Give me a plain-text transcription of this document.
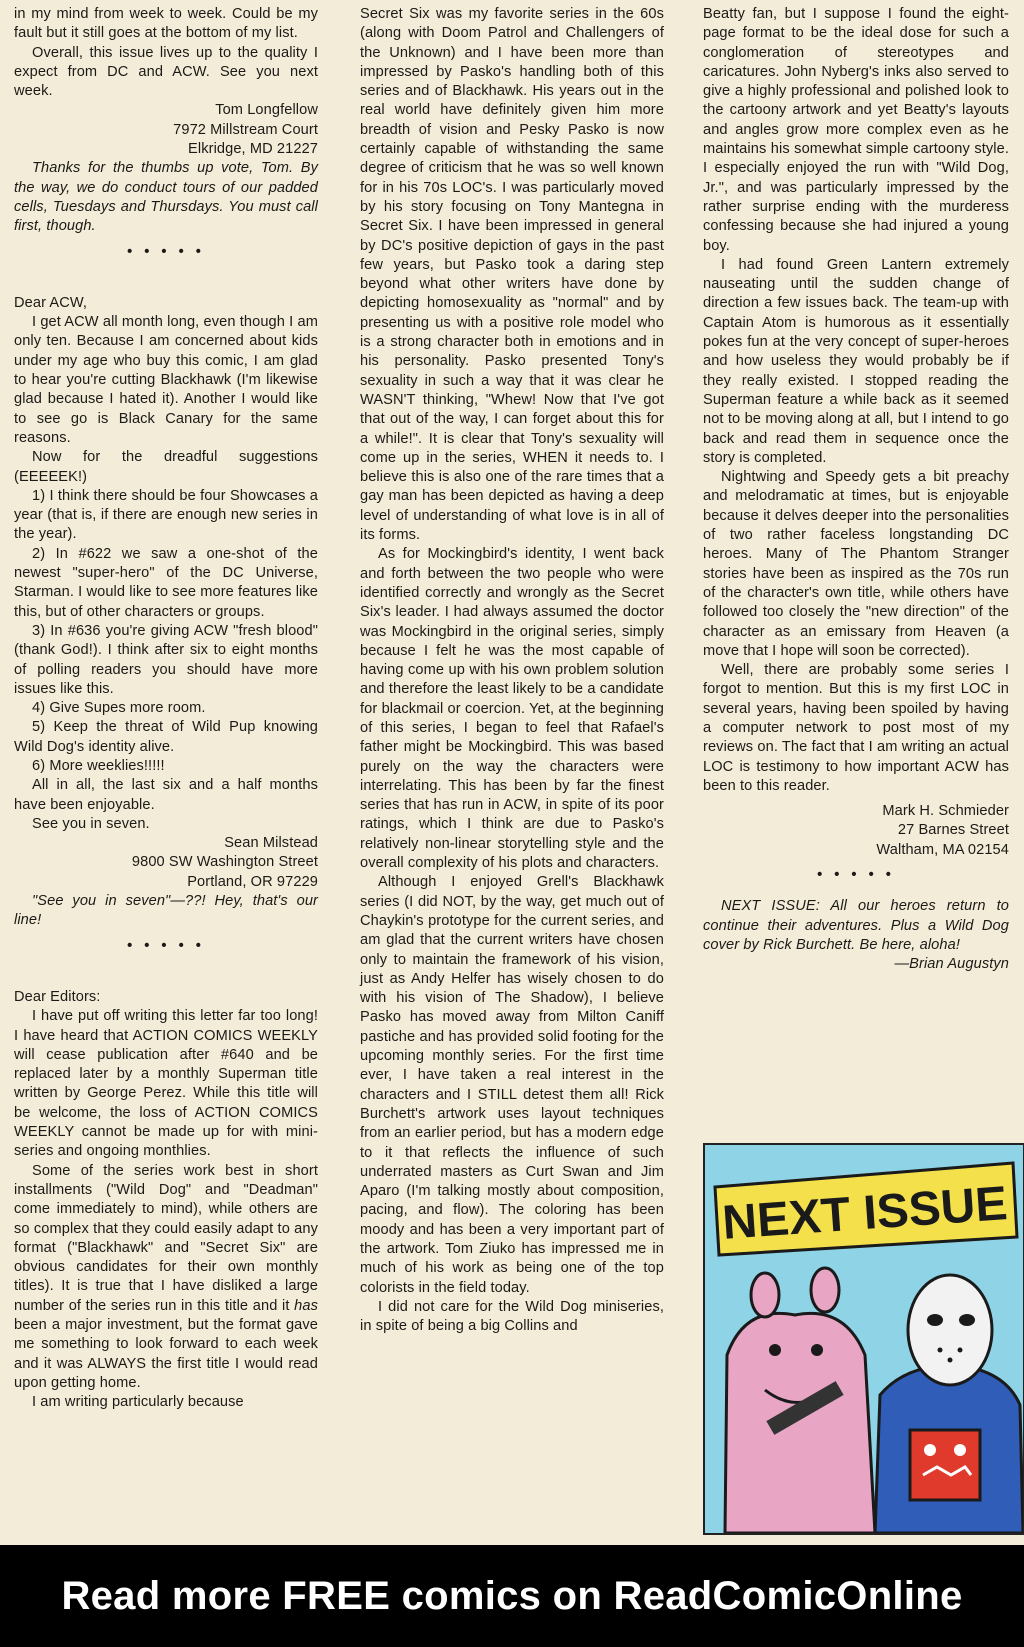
in my mind from week to week. Could be my fault but it still goes at the bottom of my list.

Overall, this issue lives up to the quality I expect from DC and ACW. See you next week.

Tom Longfellow
7972 Millstream Court
Elkridge, MD 21227

Thanks for the thumbs up vote, Tom. By the way, we do conduct tours of our padded cells, Tuesdays and Thursdays. You must call first, though.

• • • • •

Dear ACW,

I get ACW all month long, even though I am only ten. Because I am concerned about kids under my age who buy this comic, I am glad to hear you're cutting Blackhawk (I'm likewise glad because I hated it). Another I would like to see go is Black Canary for the same reasons.

Now for the dreadful suggestions (EEEEEK!)

1) I think there should be four Showcases a year (that is, if there are enough new series in the year).

2) In #622 we saw a one-shot of the newest "super-hero" of the DC Universe, Starman. I would like to see more features like this, but of other characters or groups.

3) In #636 you're giving ACW "fresh blood" (thank God!). I think after six to eight months of polling readers you should have more issues like this.

4) Give Supes more room.

5) Keep the threat of Wild Pup knowing Wild Dog's identity alive.

6) More weeklies!!!!!

All in all, the last six and a half months have been enjoyable.

See you in seven.

Sean Milstead
9800 SW Washington Street
Portland, OR 97229

"See you in seven"—??! Hey, that's our line!

• • • • •

Dear Editors:

I have put off writing this letter far too long! I have heard that ACTION COMICS WEEKLY will cease publication after #640 and be replaced later by a monthly Superman title written by George Perez. While this title will be welcome, the loss of ACTION COMICS WEEKLY cannot be made up for with mini-series and ongoing monthlies.

Some of the series work best in short installments ("Wild Dog" and "Deadman" come immediately to mind), while others are so complex that they could easily adapt to any format ("Blackhawk" and "Secret Six" are obvious candidates for their own monthly titles). It is true that I have disliked a large number of the series run in this title and it has been a major investment, but the format gave me something to look forward to each week and it was ALWAYS the first title I would read upon getting home.

I am writing particularly because

Secret Six was my favorite series in the 60s (along with Doom Patrol and Challengers of the Unknown) and I have been more than impressed by Pasko's handling both of this series and of Blackhawk. His years out in the real world have definitely given him more breadth of vision and Pesky Pasko is now certainly capable of withstanding the same degree of criticism that he was so well known for in his 70s LOC's. I was particularly moved by his story focusing on Tony Mantegna in Secret Six. I have been impressed in general by DC's positive depiction of gays in the past few years, but Pasko took a daring step beyond what other writers have done by depicting homosexuality as "normal" and by presenting us with a positive role model who is a strong character both in emotions and in his personality. Pasko presented Tony's sexuality in such a way that it was clear he WASN'T thinking, "Whew! Now that I've got that out of the way, I can forget about this for a while!". It is clear that Tony's sexuality will come up in the series, WHEN it needs to. I believe this is also one of the rare times that a gay man has been depicted as having a deep level of understanding of what love is in all of its forms.

As for Mockingbird's identity, I went back and forth between the two people who were identified correctly and wrongly as the Secret Six's leader. I had always assumed the doctor was Mockingbird in the original series, simply because I felt he was the most capable of having come up with his own problem solution and therefore the least likely to be a candidate for blackmail or coercion. Yet, at the beginning of this series, I began to feel that Rafael's father might be Mockingbird. This was based purely on the way the characters were interrelating. This has been by far the finest series that has run in ACW, in spite of its poor ratings, which I think are due to Pasko's relatively non-linear storytelling style and the overall complexity of his plots and characters.

Although I enjoyed Grell's Blackhawk series (I did NOT, by the way, get much out of Chaykin's prototype for the current series, and am glad that the current writers have chosen only to maintain the framework of his vision, just as Andy Helfer has wisely chosen to do with his vision of The Shadow), I believe Pasko has moved away from Milton Caniff pastiche and has provided solid footing for the upcoming monthly series. For the first time ever, I have taken a real interest in the characters and I STILL detest them all! Rick Burchett's artwork uses layout techniques from an earlier period, but has a modern edge to it that reflects the influence of such underrated masters as Curt Swan and Jim Aparo (I'm talking mostly about composition, pacing, and flow). The coloring has been moody and has been a very important part of the artwork. Tom Ziuko has impressed me in much of his work as being one of the top colorists in the field today.

I did not care for the Wild Dog miniseries, in spite of being a big Collins and

Beatty fan, but I suppose I found the eight-page format to be the ideal dose for such a conglomeration of stereotypes and caricatures. John Nyberg's inks also served to give a highly professional and polished look to the cartoony artwork and yet Beatty's layouts and angles grow more complex even as he maintains his somewhat simple cartoony style. I especially enjoyed the run with "Wild Dog, Jr.", and was particularly impressed by the rather surprise ending with the murderess confessing because she had injured a young boy.

I had found Green Lantern extremely nauseating until the sudden change of direction a few issues back. The team-up with Captain Atom is humorous as it essentially pokes fun at the very concept of super-heroes and how useless they would probably be if they really existed. I stopped reading the Superman feature a while back as it seemed not to be moving along at all, but I intend to go back and read them in sequence once the story is completed.

Nightwing and Speedy gets a bit preachy and melodramatic at times, but is enjoyable because it delves deeper into the personalities of two rather faceless longstanding DC heroes. Many of The Phantom Stranger stories have been as inspired as the 70s run of the character's own title, while others have followed too closely the "new direction" of the character as an emissary from Heaven (a move that I hope will soon be corrected).

Well, there are probably some series I forgot to mention. But this is my first LOC in several years, having been spoiled by having a computer network to post most of my reviews on. The fact that I am writing an actual LOC is testimony to how important ACW has been to this reader.

Mark H. Schmieder
27 Barnes Street
Waltham, MA 02154
• • • • •

NEXT ISSUE: All our heroes return to continue their adventures. Plus a Wild Dog cover by Rick Burchett. Be here, aloha!

—Brian Augustyn

NEXT ISSUE
Read more FREE comics on ReadComicOnline
